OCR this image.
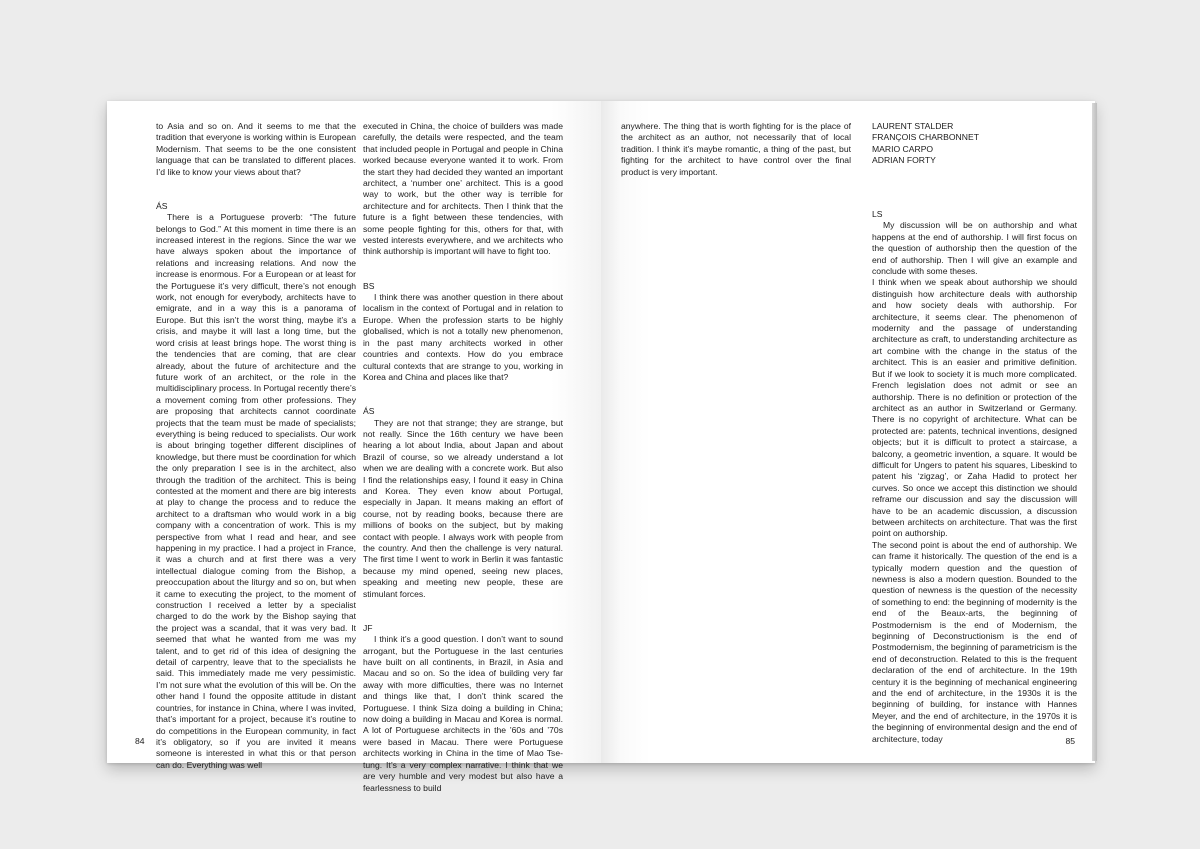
to Asia and so on. And it seems to me that the tradition that everyone is working within is European Modernism. That seems to be the one consistent language that can be translated to different places. I’d like to know your views about that?

ÁS

There is a Portuguese proverb: “The future belongs to God.” At this moment in time there is an increased interest in the regions. Since the war we have always spoken about the importance of relations and increasing relations. And now the increase is enormous. For a European or at least for the Portuguese it’s very difficult, there’s not enough work, not enough for everybody, architects have to emigrate, and in a way this is a panorama of Europe. But this isn’t the worst thing, maybe it’s a crisis, and maybe it will last a long time, but the word crisis at least brings hope. The worst thing is the tendencies that are coming, that are clear already, about the future of architecture and the future work of an architect, or the role in the multidisciplinary process. In Portugal recently there’s a movement coming from other professions. They are proposing that architects cannot coordinate projects that the team must be made of specialists; everything is being reduced to specialists. Our work is about bringing together different disciplines of knowledge, but there must be coordination for which the only preparation I see is in the architect, also through the tradition of the architect. This is being contested at the moment and there are big interests at play to change the process and to reduce the architect to a draftsman who would work in a big company with a concentration of work. This is my perspective from what I read and hear, and see happening in my practice. I had a project in France, it was a church and at first there was a very intellectual dialogue coming from the Bishop, a preoccupation about the liturgy and so on, but when it came to executing the project, to the moment of construction I received a letter by a specialist charged to do the work by the Bishop saying that the project was a scandal, that it was very bad. It seemed that what he wanted from me was my talent, and to get rid of this idea of designing the detail of carpentry, leave that to the specialists he said. This immediately made me very pessimistic. I’m not sure what the evolution of this will be. On the other hand I found the opposite attitude in distant countries, for instance in China, where I was invited, that’s important for a project, because it’s routine to do competitions in the European community, in fact it’s obligatory, so if you are invited it means someone is interested in what this or that person can do. Everything was well

executed in China, the choice of builders was made carefully, the details were respected, and the team that included people in Portugal and people in China worked because everyone wanted it to work. From the start they had decided they wanted an important architect, a ‘number one’ architect. This is a good way to work, but the other way is terrible for architecture and for architects. Then I think that the future is a fight between these tendencies, with some people fighting for this, others for that, with vested interests everywhere, and we architects who think authorship is important will have to fight too.

BS

I think there was another question in there about localism in the context of Portugal and in relation to Europe. When the profession starts to be highly globalised, which is not a totally new phenomenon, in the past many architects worked in other countries and contexts. How do you embrace cultural contexts that are strange to you, working in Korea and China and places like that?

ÁS

They are not that strange; they are strange, but not really. Since the 16th century we have been hearing a lot about India, about Japan and about Brazil of course, so we already understand a lot when we are dealing with a concrete work. But also I find the relationships easy, I found it easy in China and Korea. They even know about Portugal, especially in Japan. It means making an effort of course, not by reading books, because there are millions of books on the subject, but by making contact with people. I always work with people from the country. And then the challenge is very natural. The first time I went to work in Berlin it was fantastic because my mind opened, seeing new places, speaking and meeting new people, these are stimulant forces.

JF

I think it’s a good question. I don’t want to sound arrogant, but the Portuguese in the last centuries have built on all continents, in Brazil, in Asia and Macau and so on. So the idea of building very far away with more difficulties, there was no Internet and things like that, I don’t think scared the Portuguese. I think Siza doing a building in China; now doing a building in Macau and Korea is normal. A lot of Portuguese architects in the ’60s and ’70s were based in Macau. There were Portuguese architects working in China in the time of Mao Tse-tung. It’s a very complex narrative. I think that we are very humble and very modest but also have a fearlessness to build

84

anywhere. The thing that is worth fighting for is the place of the architect as an author, not necessarily that of local tradition. I think it’s maybe romantic, a thing of the past, but fighting for the architect to have control over the final product is very important.

LAURENT STALDER
FRANÇOIS CHARBONNET
MARIO CARPO
ADRIAN FORTY

LS

My discussion will be on authorship and what happens at the end of authorship. I will first focus on the question of authorship then the question of the end of authorship. Then I will give an example and conclude with some theses.

I think when we speak about authorship we should distinguish how architecture deals with authorship and how society deals with authorship. For architecture, it seems clear. The phenomenon of modernity and the passage of understanding architecture as craft, to understanding architecture as art combine with the change in the status of the architect. This is an easier and primitive definition. But if we look to society it is much more complicated. French legislation does not admit or see an authorship. There is no definition or protection of the architect as an author in Switzerland or Germany. There is no copyright of architecture. What can be protected are: patents, technical inventions, designed objects; but it is difficult to protect a staircase, a balcony, a geometric invention, a square. It would be difficult for Ungers to patent his squares, Libeskind to patent his ‘zigzag’, or Zaha Hadid to protect her curves. So once we accept this distinction we should reframe our discussion and say the discussion will have to be an academic discussion, a discussion between architects on architecture. That was the first point on authorship.

The second point is about the end of authorship. We can frame it historically. The question of the end is a typically modern question and the question of newness is also a modern question. Bounded to the question of newness is the question of the necessity of something to end: the beginning of modernity is the end of the Beaux-arts, the beginning of Postmodernism is the end of Modernism, the beginning of Deconstructionism is the end of Postmodernism, the beginning of parametricism is the end of deconstruction. Related to this is the frequent declaration of the end of architecture. In the 19th century it is the beginning of mechanical engineering and the end of architecture, in the 1930s it is the beginning of building, for instance with Hannes Meyer, and the end of architecture, in the 1970s it is the beginning of environmental design and the end of architecture, today	85
